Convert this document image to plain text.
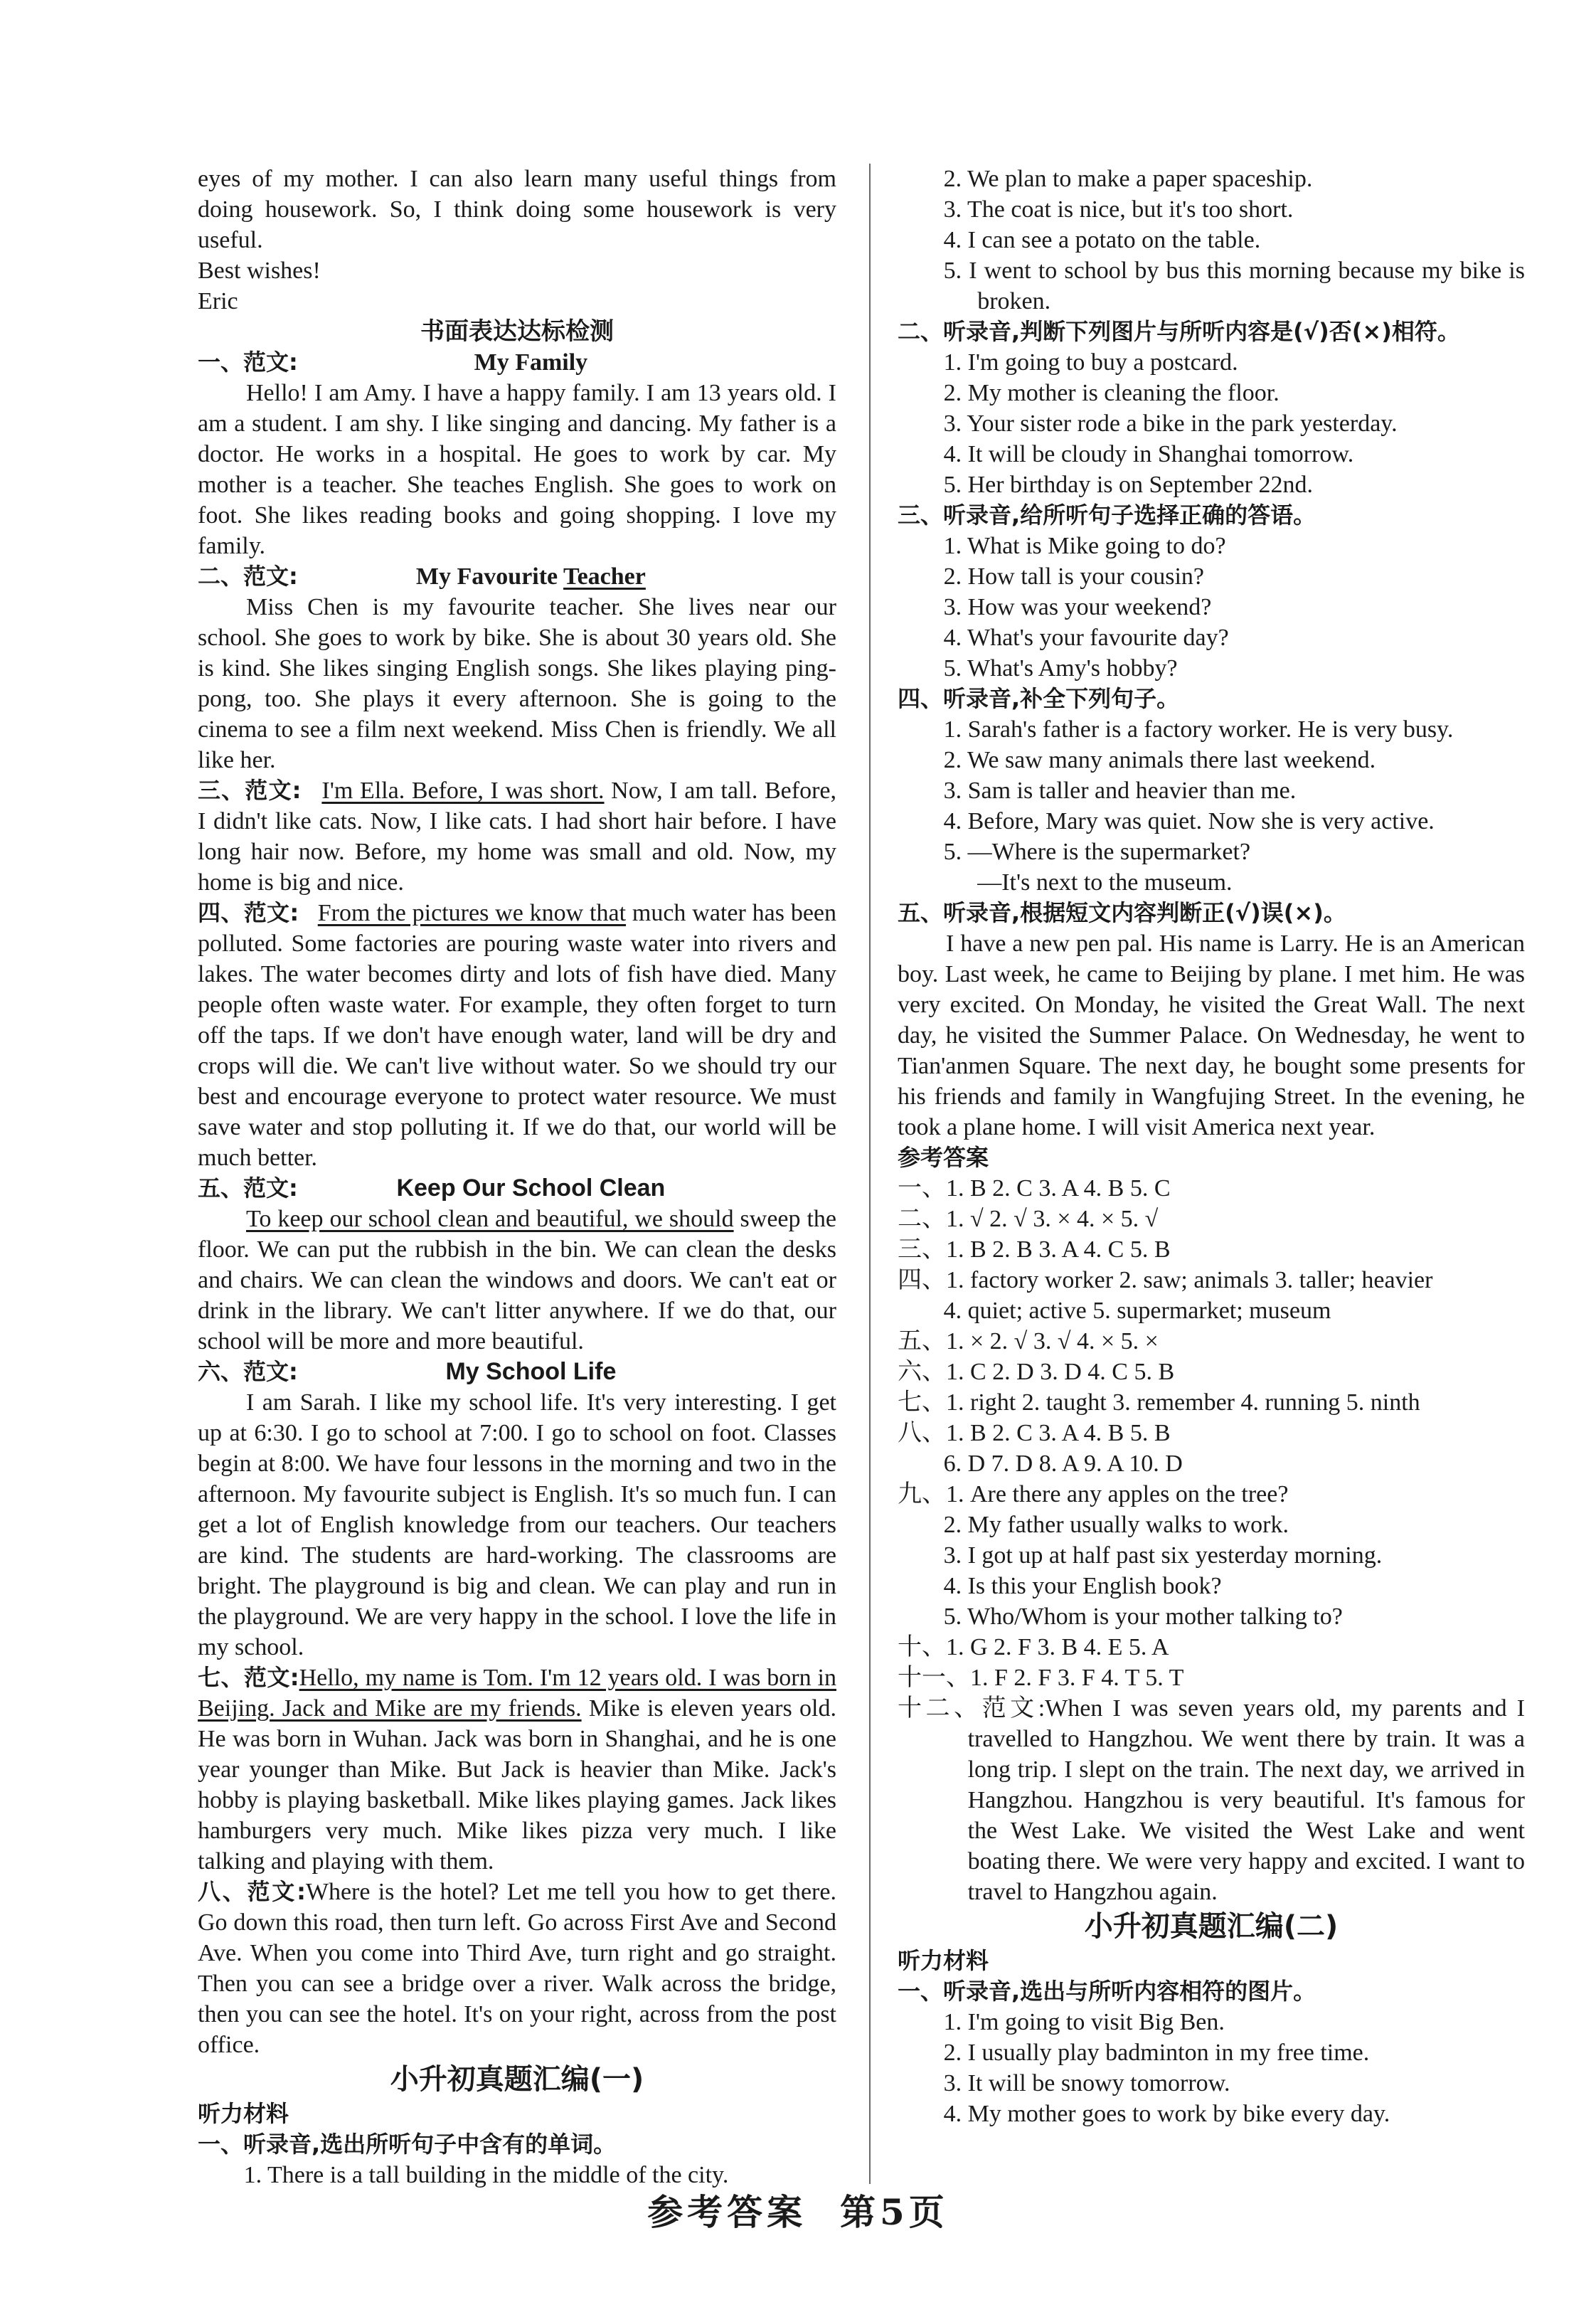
eyes of my mother. I can also learn many useful things from doing housework. So, I think doing some housework is very useful.

Best wishes!

Eric

书面表达达标检测

一、范文:	My Family

Hello! I am Amy. I have a happy family. I am 13 years old. I am a student. I am shy. I like singing and dancing. My father is a doctor. He works in a hospital. He goes to work by car. My mother is a teacher. She teaches English. She goes to work on foot. She likes reading books and going shopping. I love my family.

二、范文:	My Favourite Teacher

Miss Chen is my favourite teacher. She lives near our school. She goes to work by bike. She is about 30 years old. She is kind. She likes singing English songs. She likes playing ping-pong, too. She plays it every afternoon. She is going to the cinema to see a film next weekend. Miss Chen is friendly. We all like her.

三、范文: I'm Ella. Before, I was short. Now, I am tall. Before, I didn't like cats. Now, I like cats. I had short hair before. I have long hair now. Before, my home was small and old. Now, my home is big and nice.

四、范文: From the pictures we know that much water has been polluted. Some factories are pouring waste water into rivers and lakes. The water becomes dirty and lots of fish have died. Many people often waste water. For example, they often forget to turn off the taps. If we don't have enough water, land will be dry and crops will die. We can't live without water. So we should try our best and encourage everyone to protect water resource. We must save water and stop polluting it. If we do that, our world will be much better.

五、范文:	Keep Our School Clean

To keep our school clean and beautiful, we should sweep the floor. We can put the rubbish in the bin. We can clean the desks and chairs. We can clean the windows and doors. We can't eat or drink in the library. We can't litter anywhere. If we do that, our school will be more and more beautiful.

六、范文:	My School Life

I am Sarah. I like my school life. It's very interesting. I get up at 6:30. I go to school at 7:00. I go to school on foot. Classes begin at 8:00. We have four lessons in the morning and two in the afternoon. My favourite subject is English. It's so much fun. I can get a lot of English knowledge from our teachers. Our teachers are kind. The students are hard-working. The classrooms are bright. The playground is big and clean. We can play and run in the playground. We are very happy in the school. I love the life in my school.

七、范文:Hello, my name is Tom. I'm 12 years old. I was born in Beijing. Jack and Mike are my friends. Mike is eleven years old. He was born in Wuhan. Jack was born in Shanghai, and he is one year younger than Mike. But Jack is heavier than Mike. Jack's hobby is playing basketball. Mike likes playing games. Jack likes hamburgers very much. Mike likes pizza very much. I like talking and playing with them.

八、范文:Where is the hotel? Let me tell you how to get there. Go down this road, then turn left. Go across First Ave and Second Ave. When you come into Third Ave, turn right and go straight. Then you can see a bridge over a river. Walk across the bridge, then you can see the hotel. It's on your right, across from the post office.

小升初真题汇编(一)

听力材料

一、听录音,选出所听句子中含有的单词。

1. There is a tall building in the middle of the city.

2. We plan to make a paper spaceship.

3. The coat is nice, but it's too short.

4. I can see a potato on the table.

5. I went to school by bus this morning because my bike is broken.

二、听录音,判断下列图片与所听内容是(√)否(×)相符。

1. I'm going to buy a postcard.

2. My mother is cleaning the floor.

3. Your sister rode a bike in the park yesterday.

4. It will be cloudy in Shanghai tomorrow.

5. Her birthday is on September 22nd.

三、听录音,给所听句子选择正确的答语。

1. What is Mike going to do?

2. How tall is your cousin?

3. How was your weekend?

4. What's your favourite day?

5. What's Amy's hobby?

四、听录音,补全下列句子。

1. Sarah's father is a factory worker. He is very busy.

2. We saw many animals there last weekend.

3. Sam is taller and heavier than me.

4. Before, Mary was quiet. Now she is very active.

5. —Where is the supermarket?

—It's next to the museum.

五、听录音,根据短文内容判断正(√)误(×)。

I have a new pen pal. His name is Larry. He is an American boy. Last week, he came to Beijing by plane. I met him. He was very excited. On Monday, he visited the Great Wall. The next day, he visited the Summer Palace. On Wednesday, he went to Tian'anmen Square. The next day, he bought some presents for his friends and family in Wangfujing Street. In the evening, he took a plane home. I will visit America next year.

参考答案

一、1. B 2. C 3. A 4. B 5. C

二、1. √ 2. √ 3. × 4. × 5. √

三、1. B 2. B 3. A 4. C 5. B

四、1. factory worker 2. saw; animals 3. taller; heavier

4. quiet; active 5. supermarket; museum

五、1. × 2. √ 3. √ 4. × 5. ×

六、1. C 2. D 3. D 4. C 5. B

七、1. right 2. taught 3. remember 4. running 5. ninth

八、1. B 2. C 3. A 4. B 5. B

6. D 7. D 8. A 9. A 10. D

九、1. Are there any apples on the tree?

2. My father usually walks to work.

3. I got up at half past six yesterday morning.

4. Is this your English book?

5. Who/Whom is your mother talking to?

十、1. G 2. F 3. B 4. E 5. A

十一、1. F 2. F 3. F 4. T 5. T

十二、范文:When I was seven years old, my parents and I travelled to Hangzhou. We went there by train. It was a long trip. I slept on the train. The next day, we arrived in Hangzhou. Hangzhou is very beautiful. It's famous for the West Lake. We visited the West Lake and went boating there. We were very happy and excited. I want to travel to Hangzhou again.

小升初真题汇编(二)

听力材料

一、听录音,选出与所听内容相符的图片。

1. I'm going to visit Big Ben.

2. I usually play badminton in my free time.

3. It will be snowy tomorrow.

4. My mother goes to work by bike every day.

参考答案 第5页
